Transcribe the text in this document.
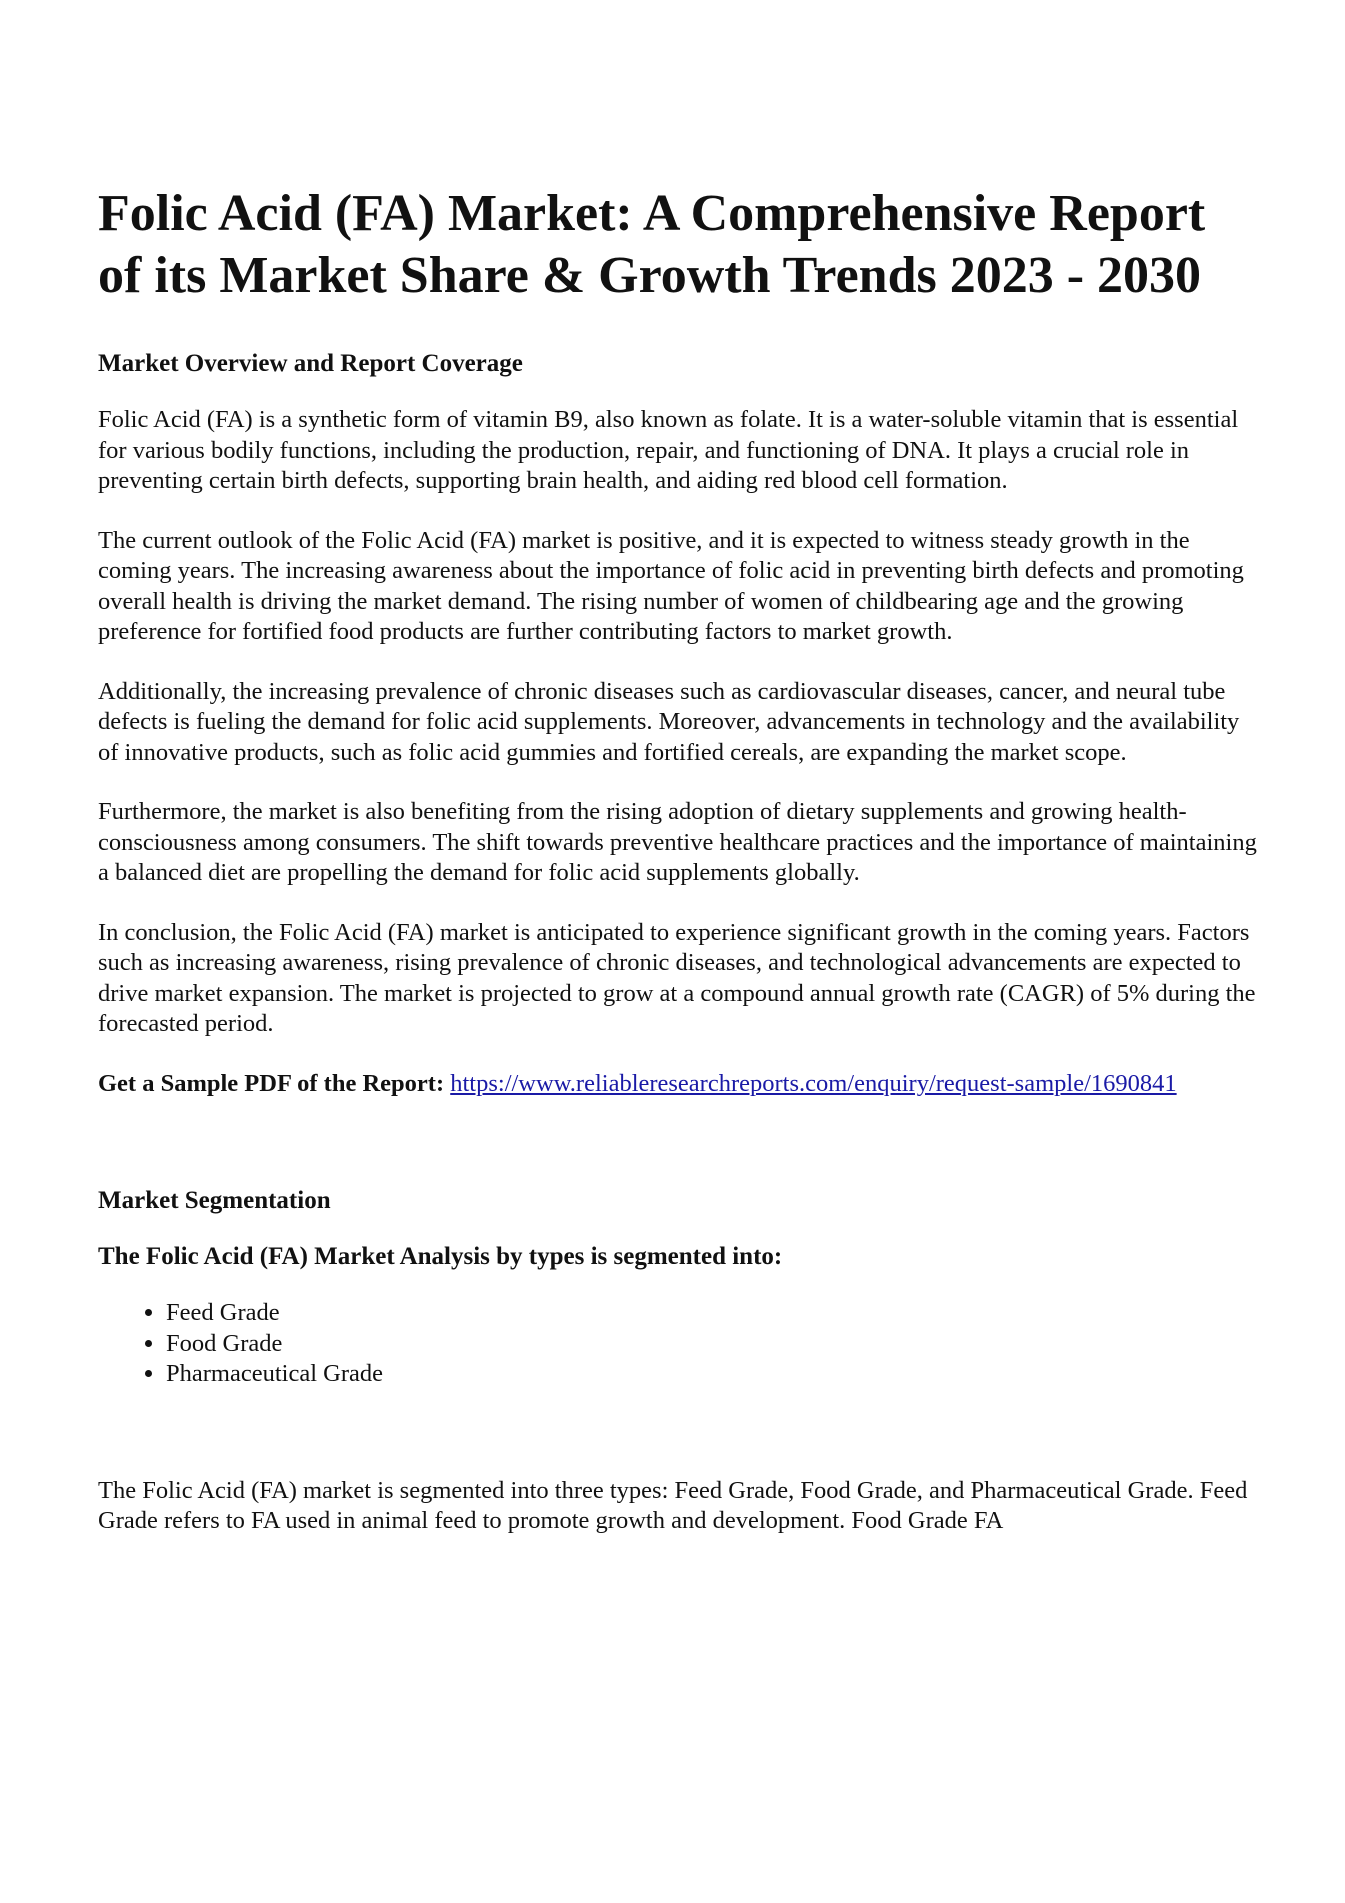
Folic Acid (FA) Market: A Comprehensive Report of its Market Share & Growth Trends 2023 - 2030
Market Overview and Report Coverage

Folic Acid (FA) is a synthetic form of vitamin B9, also known as folate. It is a water-soluble vitamin that is essential for various bodily functions, including the production, repair, and functioning of DNA. It plays a crucial role in preventing certain birth defects, supporting brain health, and aiding red blood cell formation.

The current outlook of the Folic Acid (FA) market is positive, and it is expected to witness steady growth in the coming years. The increasing awareness about the importance of folic acid in preventing birth defects and promoting overall health is driving the market demand. The rising number of women of childbearing age and the growing preference for fortified food products are further contributing factors to market growth.

Additionally, the increasing prevalence of chronic diseases such as cardiovascular diseases, cancer, and neural tube defects is fueling the demand for folic acid supplements. Moreover, advancements in technology and the availability of innovative products, such as folic acid gummies and fortified cereals, are expanding the market scope.

Furthermore, the market is also benefiting from the rising adoption of dietary supplements and growing health-consciousness among consumers. The shift towards preventive healthcare practices and the importance of maintaining a balanced diet are propelling the demand for folic acid supplements globally.

In conclusion, the Folic Acid (FA) market is anticipated to experience significant growth in the coming years. Factors such as increasing awareness, rising prevalence of chronic diseases, and technological advancements are expected to drive market expansion. The market is projected to grow at a compound annual growth rate (CAGR) of 5% during the forecasted period.

Get a Sample PDF of the Report: https://www.reliableresearchreports.com/enquiry/request-sample/1690841

Market Segmentation
The Folic Acid (FA) Market Analysis by types is segmented into:
• Feed Grade
• Food Grade
• Pharmaceutical Grade

The Folic Acid (FA) market is segmented into three types: Feed Grade, Food Grade, and Pharmaceutical Grade. Feed Grade refers to FA used in animal feed to promote growth and development. Food Grade FA
